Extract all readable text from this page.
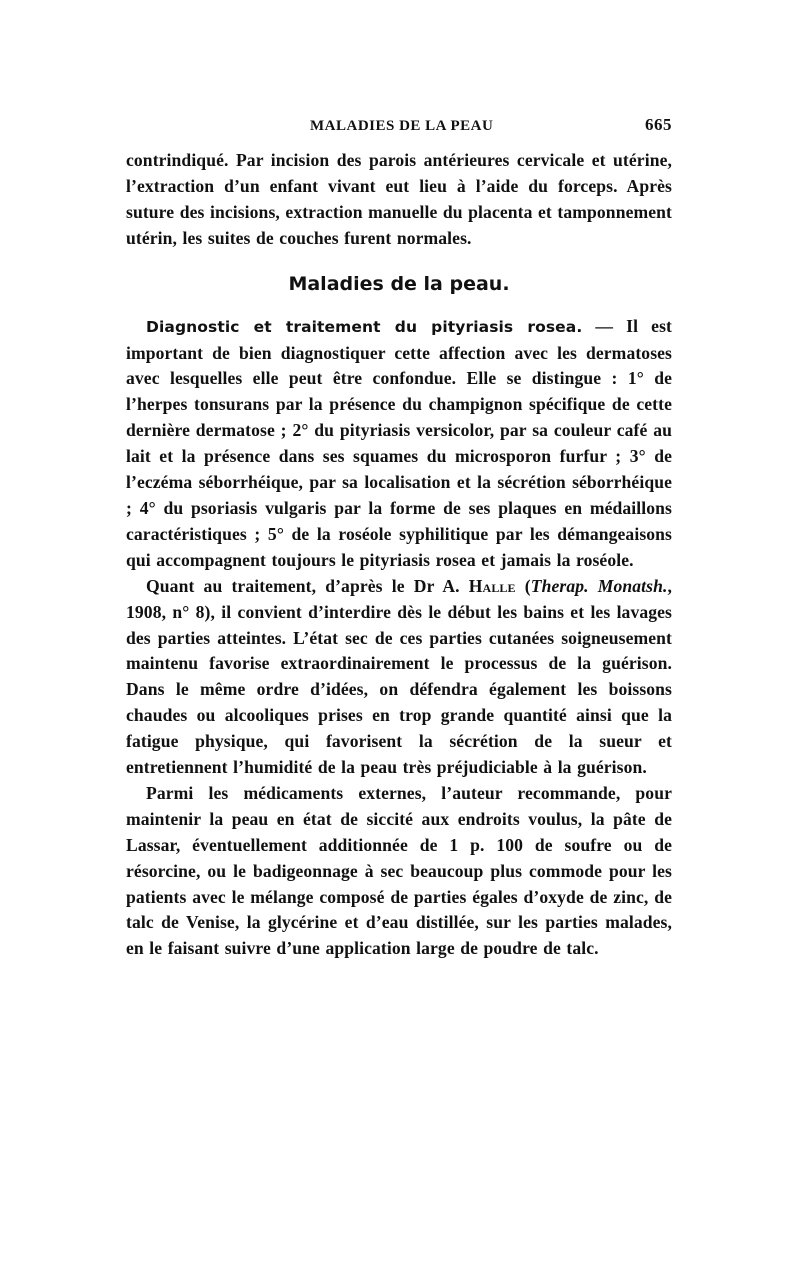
MALADIES DE LA PEAU	665

contrindiqué. Par incision des parois antérieures cervicale et utérine, l’extraction d’un enfant vivant eut lieu à l’aide du forceps. Après suture des incisions, extraction manuelle du placenta et tamponnement utérin, les suites de couches furent normales.

Maladies de la peau.

Diagnostic et traitement du pityriasis rosea. — Il est important de bien diagnostiquer cette affection avec les dermatoses avec lesquelles elle peut être confondue. Elle se distingue : 1° de l’herpes tonsurans par la présence du champignon spécifique de cette dernière dermatose ; 2° du pityriasis versicolor, par sa couleur café au lait et la présence dans ses squames du microsporon furfur ; 3° de l’eczéma séborrhéique, par sa localisation et la sécrétion séborrhéique ; 4° du psoriasis vulgaris par la forme de ses plaques en médaillons caractéristiques ; 5° de la roséole syphilitique par les démangeaisons qui accompagnent toujours le pityriasis rosea et jamais la roséole.

Quant au traitement, d’après le Dr A. Halle (Therap. Monatsh., 1908, n° 8), il convient d’interdire dès le début les bains et les lavages des parties atteintes. L’état sec de ces parties cutanées soigneusement maintenu favorise extraordinairement le processus de la guérison. Dans le même ordre d’idées, on défendra également les boissons chaudes ou alcooliques prises en trop grande quantité ainsi que la fatigue physique, qui favorisent la sécrétion de la sueur et entretiennent l’humidité de la peau très préjudiciable à la guérison.

Parmi les médicaments externes, l’auteur recommande, pour maintenir la peau en état de siccité aux endroits voulus, la pâte de Lassar, éventuellement additionnée de 1 p. 100 de soufre ou de résorcine, ou le badigeonnage à sec beaucoup plus commode pour les patients avec le mélange composé de parties égales d’oxyde de zinc, de talc de Venise, la glycérine et d’eau distillée, sur les parties malades, en le faisant suivre d’une application large de poudre de talc.
